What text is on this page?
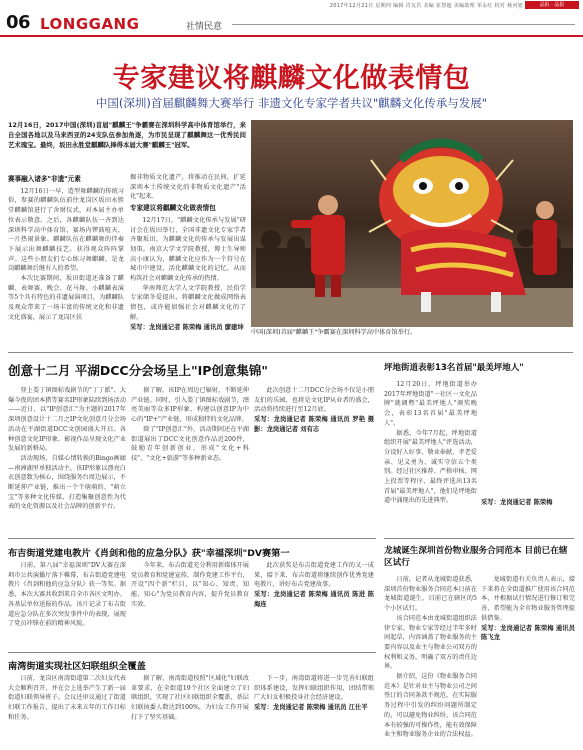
2017年12月21日 星期四 编辑 肖友若 美编 崔智超 美编助理 邹永红 校对 杨河旭	晶报 · 晶报
06 LONGGANG	社情民意
专家建议将麒麟文化做表情包
中国(深圳)首届麒麟舞大赛举行 非遗文化专家学者共议"麒麟文化传承与发展"

12月16日，2017中国(深圳)首届"麒麟王"争霸赛在深圳科学高中体育馆举行，来自全国各地以及马来西亚的24支队伍参加角逐，为市民呈现了麒麟舞这一优秀民间艺术瑰宝。最终，坂田永胜堂麒麟队捧得本届大赛"麒麟王"冠军。

赛事融入诸多"非遗"元素

12月16日一早，造型舞麒麟的传统习俗，参赛的麒麟队伍前往龙岗区坂田永胜堂麒麟馆进行了舍财仪式，对本届主办单位表示敬意。之后，各麒麟队伍一齐到达深圳科学高中体育馆，赛场内锣鼓喧天，一片热闹景象。麒麟队伍在麒麟舞的伴奏下展示出舞麒麟技艺，获得观众阵阵掌声。这些小朋友们专心练习舞麒麟，是龙岗麒麟舞后继有人的希望。

本次比赛期间，坂田街道还准备了麒麟、表舞赛、晚会、花马舞、小麒麟表演等5个具有特色的非遗展演项目，为麒麟队及观众带来了一场丰富的传统文化和非遗文化盛宴，展示了龙岗区扶

掘非物质文化遗产，将推动在民间，扩延深圳本土传统文化的非物质文化遗产"活化"起来。

专家建议将麒麟文化做表情包

12月17日，"麒麟文化传承与发展"研讨会在坂田举行，全国非遗文化专家学者齐聚坂田，为麒麟文化的传承与发展出谋划策。南京大学文学院教授、博士生导师高小康认为，麒麟文化应作为一个符号在城市中建设，活化麒麟文化的记忆，从而构筑社会对麒麟文化传承的热情。

华南师范大学人文学院教授、民俗学专家储冬爱提出，将麒麟文化做成网络表情包，或许能加强社会对麒麟文化的了解。

采写：龙岗通记者 陈荣梅 通讯员 廖建坤
中国(深圳)首届"麒麟王"争霸赛在深圳科学高中体育馆举行。
创意十二月 平湖DCC分会场呈上"IP创意集锦"

登上娄丁镇图标戏剧节的"丁丁派"、大爆今夜的团本猎等赛名IP形象陆续到场活动——近日，以"IP创意汇"为主题的2017年深圳创意设计十二月之IP文化创意月分会场活动在平湖街道DCC文创园盛大开启。各种创意文化IP形象、影视作品呈现文化产业发展的新格局。

活动现场，自媒心情转换的Bingo画廊—南洲湖里单独活动主，该IP形象以漂亮白衣创意数为核心，围绕服务台周边展示，不断延伸产业链，推出一个个萌萌的、"萌立宝"等多种文化传媒，打造集聚创意性为代表的文化资源以及社会品牌的创新平台。

据了解，该IP在周边已辐射，不断延伸产业链。同时，引入娄丁镇图标戏剧节，漂亮美丽等众多IP形象，构建以创意IP为中心的"IP+"产业链，形成独特的文化品牌。

除了"IP创意汇"外，活动期间还在平湖街道展出了DCC文化创意作品近200件，鼓励青年创新创业，形成"文化+科技"、"文化+旅游"等多种新业态。

此次创意十二月DCC分会场不仅是小朋友们的乐园，也将是文化IP从业者的盛会，活动将持续进行至12月底。

采写：龙岗通记者 陈荣梅 通讯员 罗艳 摄影：龙岗通记者 刘有志
坪地街道表彰13名首届"最美坪地人"

12月20日，坪地街道举办2017年坪地街道"一社区一文化品牌"就调暨"最美坪地人"颁奖晚会，表彰13名首届"最美坪地人"。

据悉，今年7月起，坪地街道组织开展"最美坪地人"评选活动，分设好人好事、敬业奉献、孝老爱亲、见义勇为、诚实守信五个类别。经过社区推荐、严格审核、网上投票等程序，最终评选出13名首届"最美坪地人"，他们是坪地街道中涌现出的先进典型。	采写：龙岗通记者 陈荣梅
布吉街道党建电教片《肖剑和他的应急分队》获"幸福深圳"DV赛第一

日前，第八届"幸福深圳"DV大赛在深圳市公共演播厅落下帷幕，布吉街道党建电教片《肖剑和他的应急分队》获一等奖。据悉，本次大赛共收到来自全市各区文明办、各基层单位送报的作品。该片记录了布吉街道应急分队在多次突发事件中的表现，展现了党员冲锋在前的精神风貌。

今年来，布吉街道充分利用新媒体开展党员教育和党建宣传，制作党建工作平台，开设"四个新"栏目，以"知心、知责、知能、知心"为党员教育内容，提升党员教育实效。

此次获奖是布吉街道党建工作的又一成果，接下来，布吉街道将继续创作优秀党建电教片，讲好布吉党建故事。

采写：龙岗通记者 陈荣梅 通讯员 陈进 陈海连
南湾街道实现社区妇联组织全覆盖

日前，龙岗区南湾街道第二次妇女代表大会顺利召开，并在会上选举产生了新一届街道妇联领导班子。会议还审议通过了街道妇联工作报告，提出了未来五年的工作目标和任务。

据了解，南湾街道按照"区域化"妇联改革要求，在全街道19个社区全面建立了妇联组织，实现了社区妇联组织全覆盖，基层妇联执委人数达到100%，为妇女工作开展打下了坚实基础。

下一步，南湾街道将进一步完善妇联组织体系建设，发挥妇联组织作用，团结带领广大妇女积极投身社会经济建设。

采写：龙岗通记者 陈荣梅 通讯员 江仕平
龙城诞生深圳首份物业服务合同范本 目前已在辖区试行

日前，记者从龙城街道获悉，深圳首份物业服务合同范本日前在龙城街道诞生，目前已在辖区的5个小区试行。

该合同范本由龙城街道组织法律专家、物业专家等经过半年多时间起草，内容涵盖了物业服务的主要内容以及业主与物业公司双方的权利和义务，明确了双方的责任边界。

据介绍，这份《物业服务合同范本》是针对业主与物业公司之间签订的合同条款不规范，在实际服务过程中引发的纠纷问题所制定的，可以避免物业纠纷。该合同范本有较强的可操作性，能有效保障业主和物业服务企业的合法权益。

龙城街道有关负责人表示，接下来将在全街道推广使用该合同范本，并根据试行情况进行修订和完善，希望能为全市物业服务管理提供借鉴。

采写：龙岗通记者 陈荣梅 通讯员 陈飞龙
